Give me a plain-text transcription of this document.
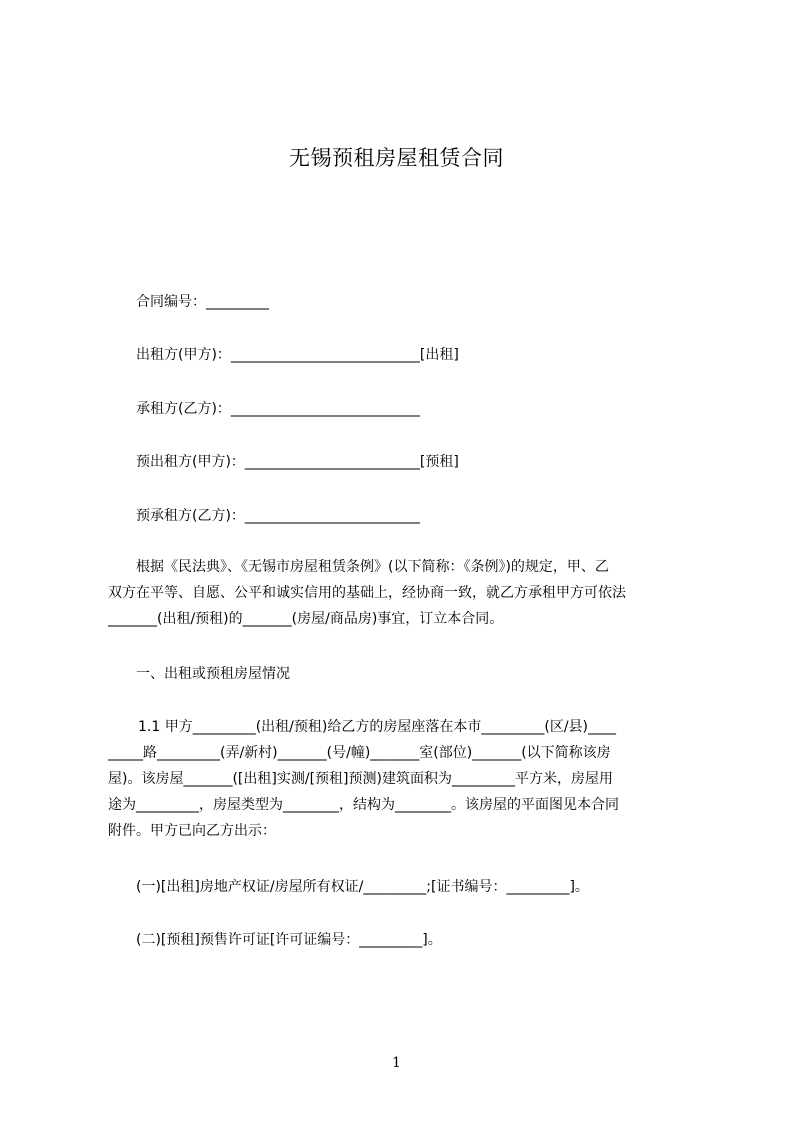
无锡预租房屋租赁合同
合同编号：_________
出租方(甲方)：___________________________[出租]
承租方(乙方)：___________________________
预出租方(甲方)：_________________________[预租]
预承租方(乙方)：_________________________
根据《民法典》、《无锡市房屋租赁条例》(以下简称：《条例》)的规定，甲、乙
双方在平等、自愿、公平和诚实信用的基础上，经协商一致，就乙方承租甲方可依法
_______(出租/预租)的_______(房屋/商品房)事宜，订立本合同。
一、出租或预租房屋情况
1.1 甲方_________(出租/预租)给乙方的房屋座落在本市_________(区/县)____
_____路_________(弄/新村)_______(号/幢)_______室(部位)_______(以下简称该房
屋)。该房屋_______([出租]实测/[预租]预测)建筑面积为_________平方米，房屋用
途为_________，房屋类型为________，结构为________。该房屋的平面图见本合同
附件。甲方已向乙方出示：
(一)[出租]房地产权证/房屋所有权证/_________;[证书编号：_________]。
(二)[预租]预售许可证[许可证编号：_________]。
1
